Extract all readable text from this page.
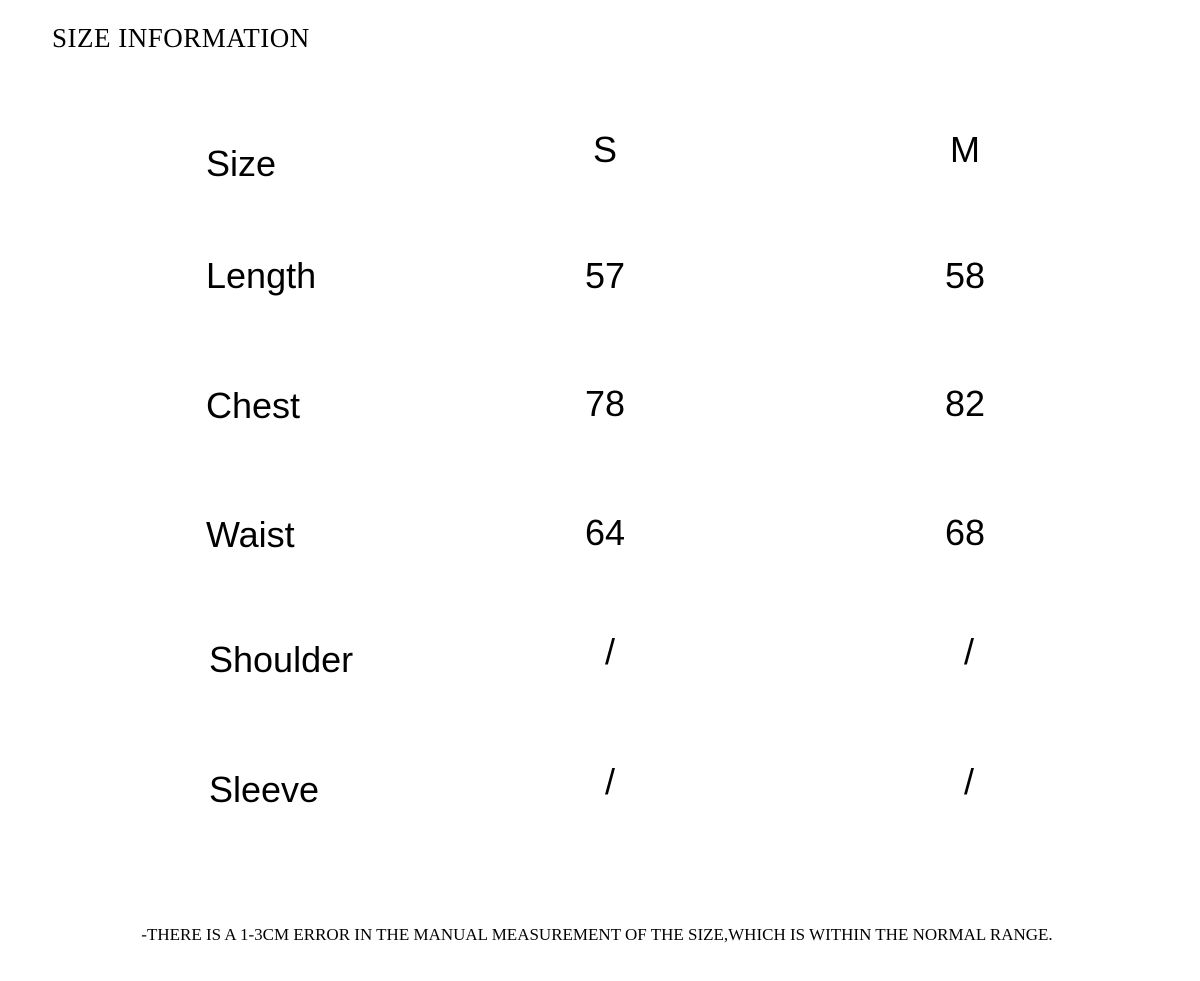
SIZE INFORMATION
Size	S	M
Length	57	58
Chest	78	82
Waist	64	68
Shoulder	/	/
Sleeve	/	/
-THERE IS A 1-3CM ERROR IN THE MANUAL MEASUREMENT OF THE SIZE,WHICH IS WITHIN THE NORMAL RANGE.
